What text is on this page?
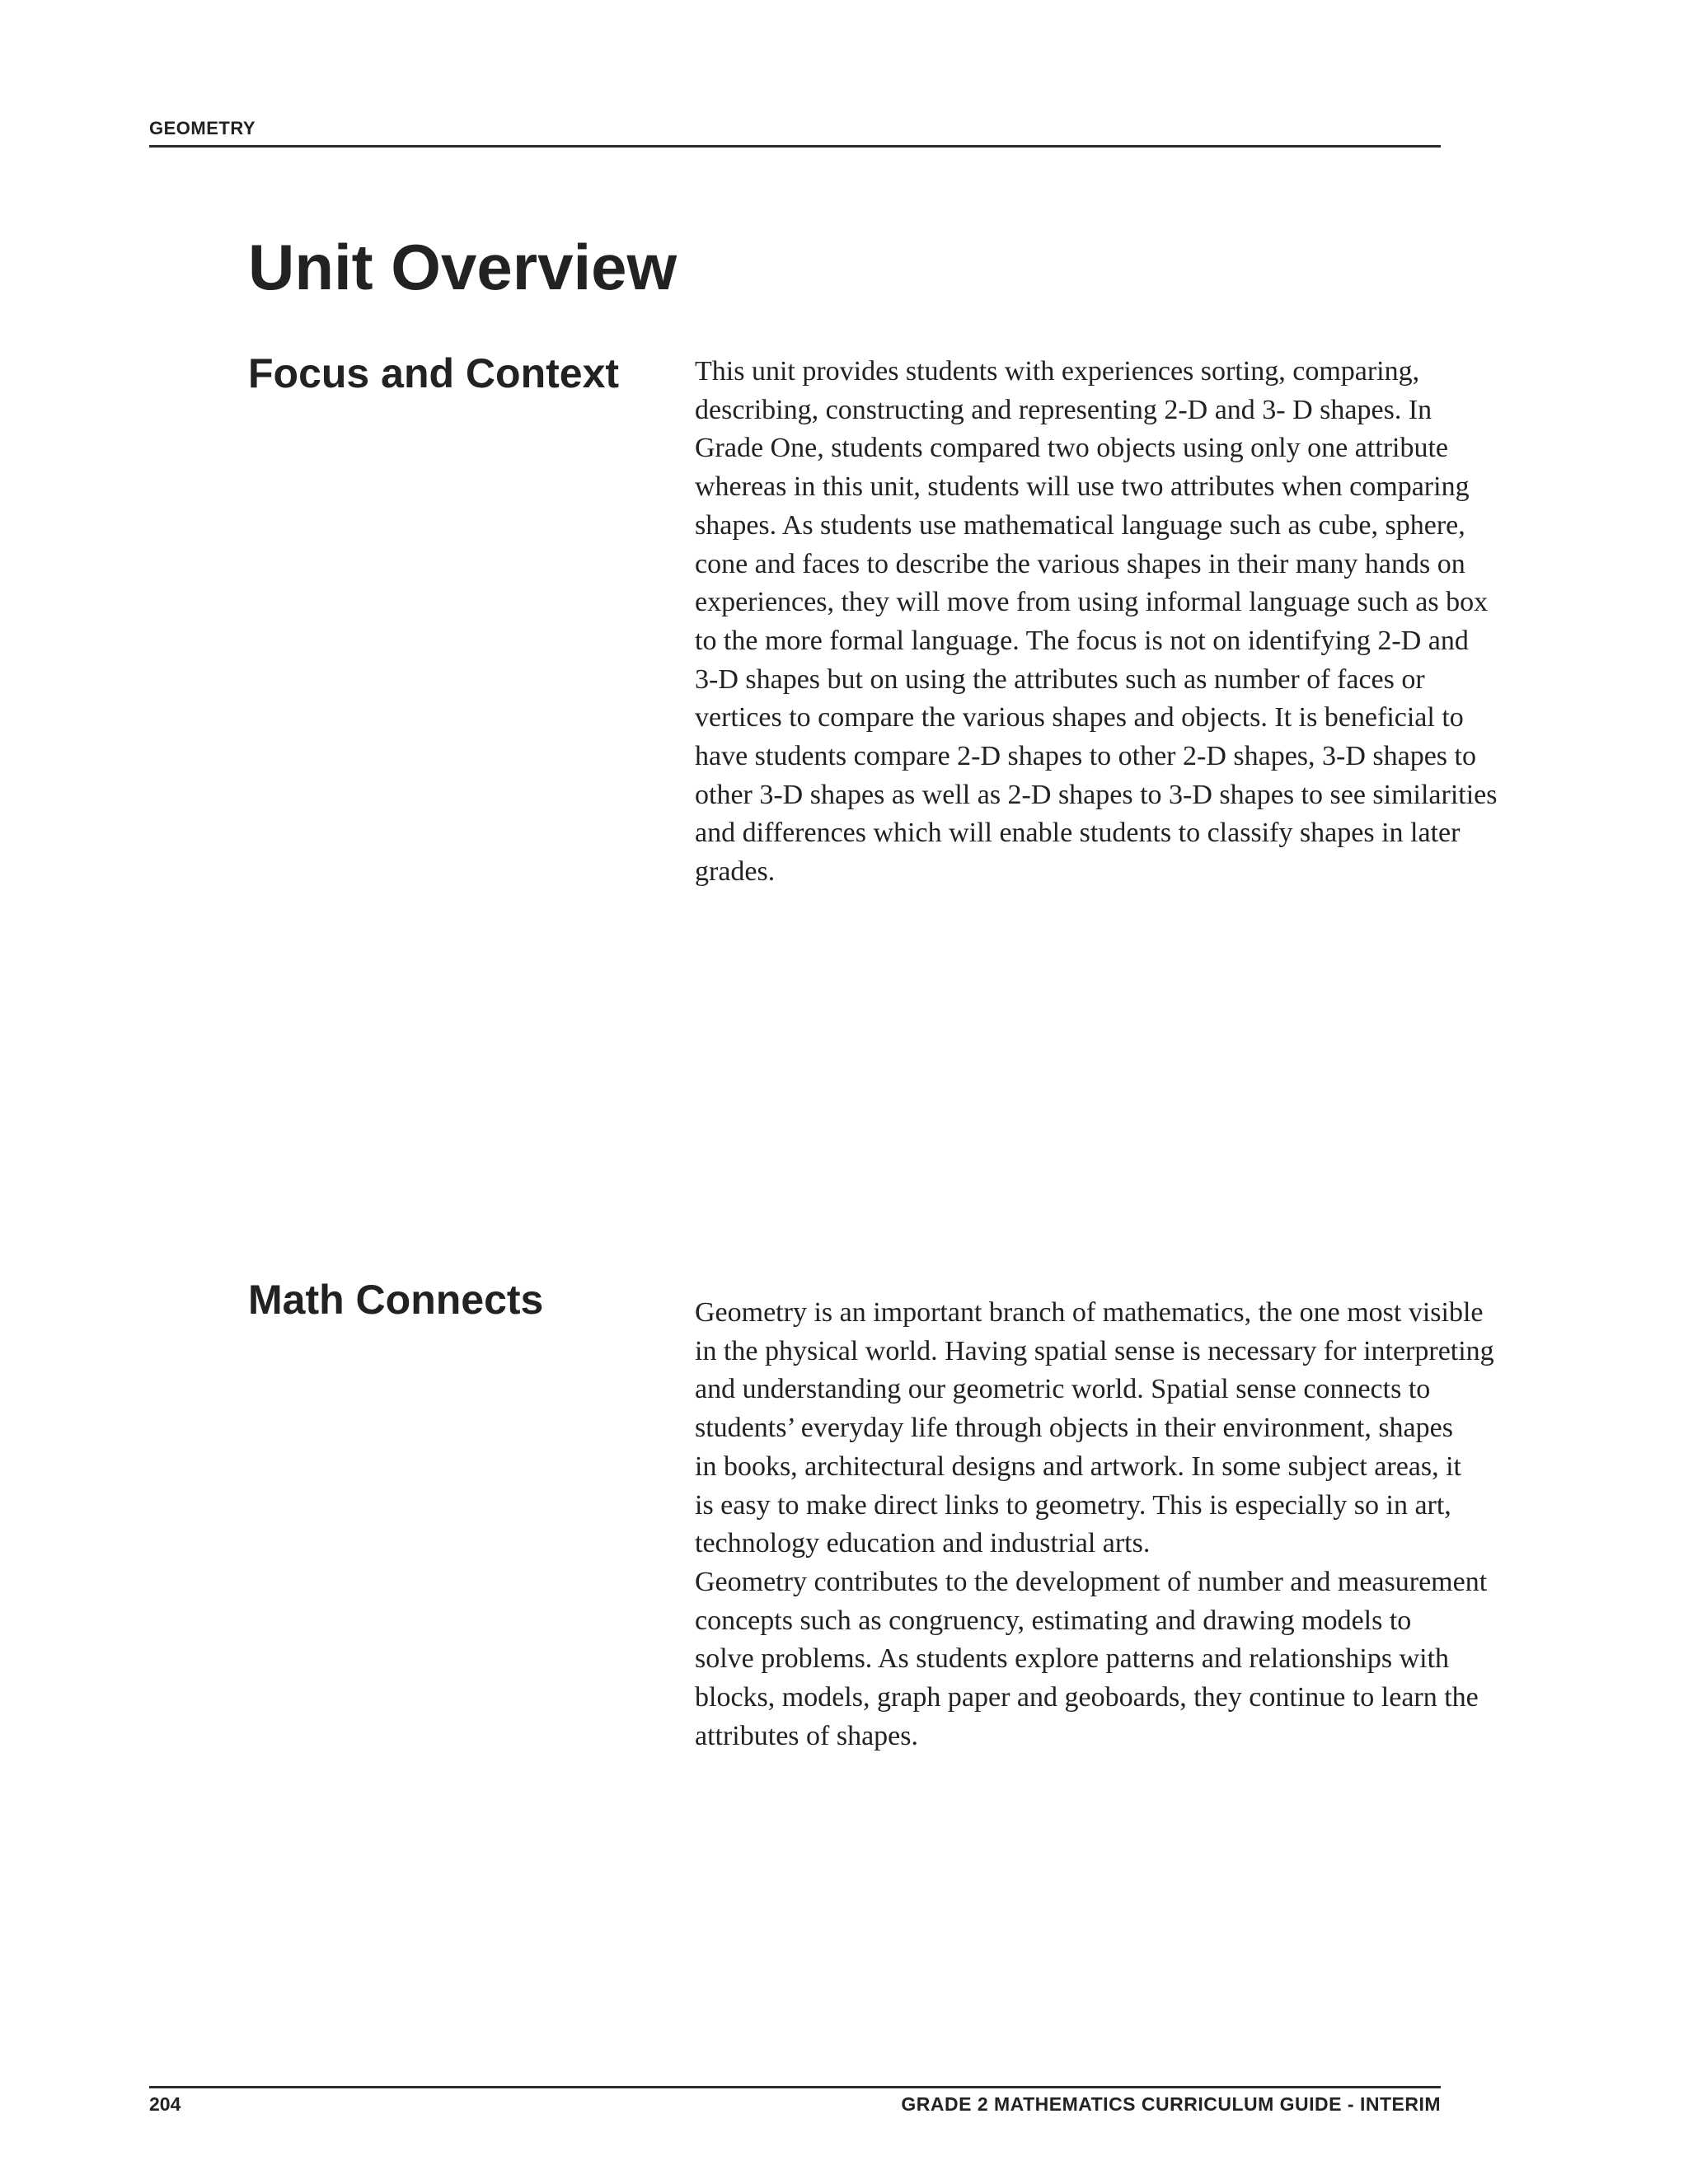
GEOMETRY
Unit Overview
Focus and Context	This unit provides students with experiences sorting, comparing,
describing, constructing and representing 2-D and 3- D shapes. In
Grade One, students compared two objects using only one attribute
whereas in this unit, students will use two attributes when comparing
shapes. As students use mathematical language such as cube, sphere,
cone and faces to describe the various shapes in their many hands on
experiences, they will move from using informal language such as box
to the more formal language. The focus is not on identifying 2-D and
3-D shapes but on using the attributes such as number of faces or
vertices to compare the various shapes and objects. It is beneficial to
have students compare 2-D shapes to other 2-D shapes, 3-D shapes to
other 3-D shapes as well as 2-D shapes to 3-D shapes to see similarities
and differences which will enable students to classify shapes in later
grades.
Math Connects	Geometry is an important branch of mathematics, the one most visible
in the physical world. Having spatial sense is necessary for interpreting
and understanding our geometric world. Spatial sense connects to
students’ everyday life through objects in their environment, shapes
in books, architectural designs and artwork. In some subject areas, it
is easy to make direct links to geometry. This is especially so in art,
technology education and industrial arts.
Geometry contributes to the development of number and measurement
concepts such as congruency, estimating and drawing models to
solve problems. As students explore patterns and relationships with
blocks, models, graph paper and geoboards, they continue to learn the
attributes of shapes.
204	GRADE 2 MATHEMATICS CURRICULUM GUIDE - INTERIM
